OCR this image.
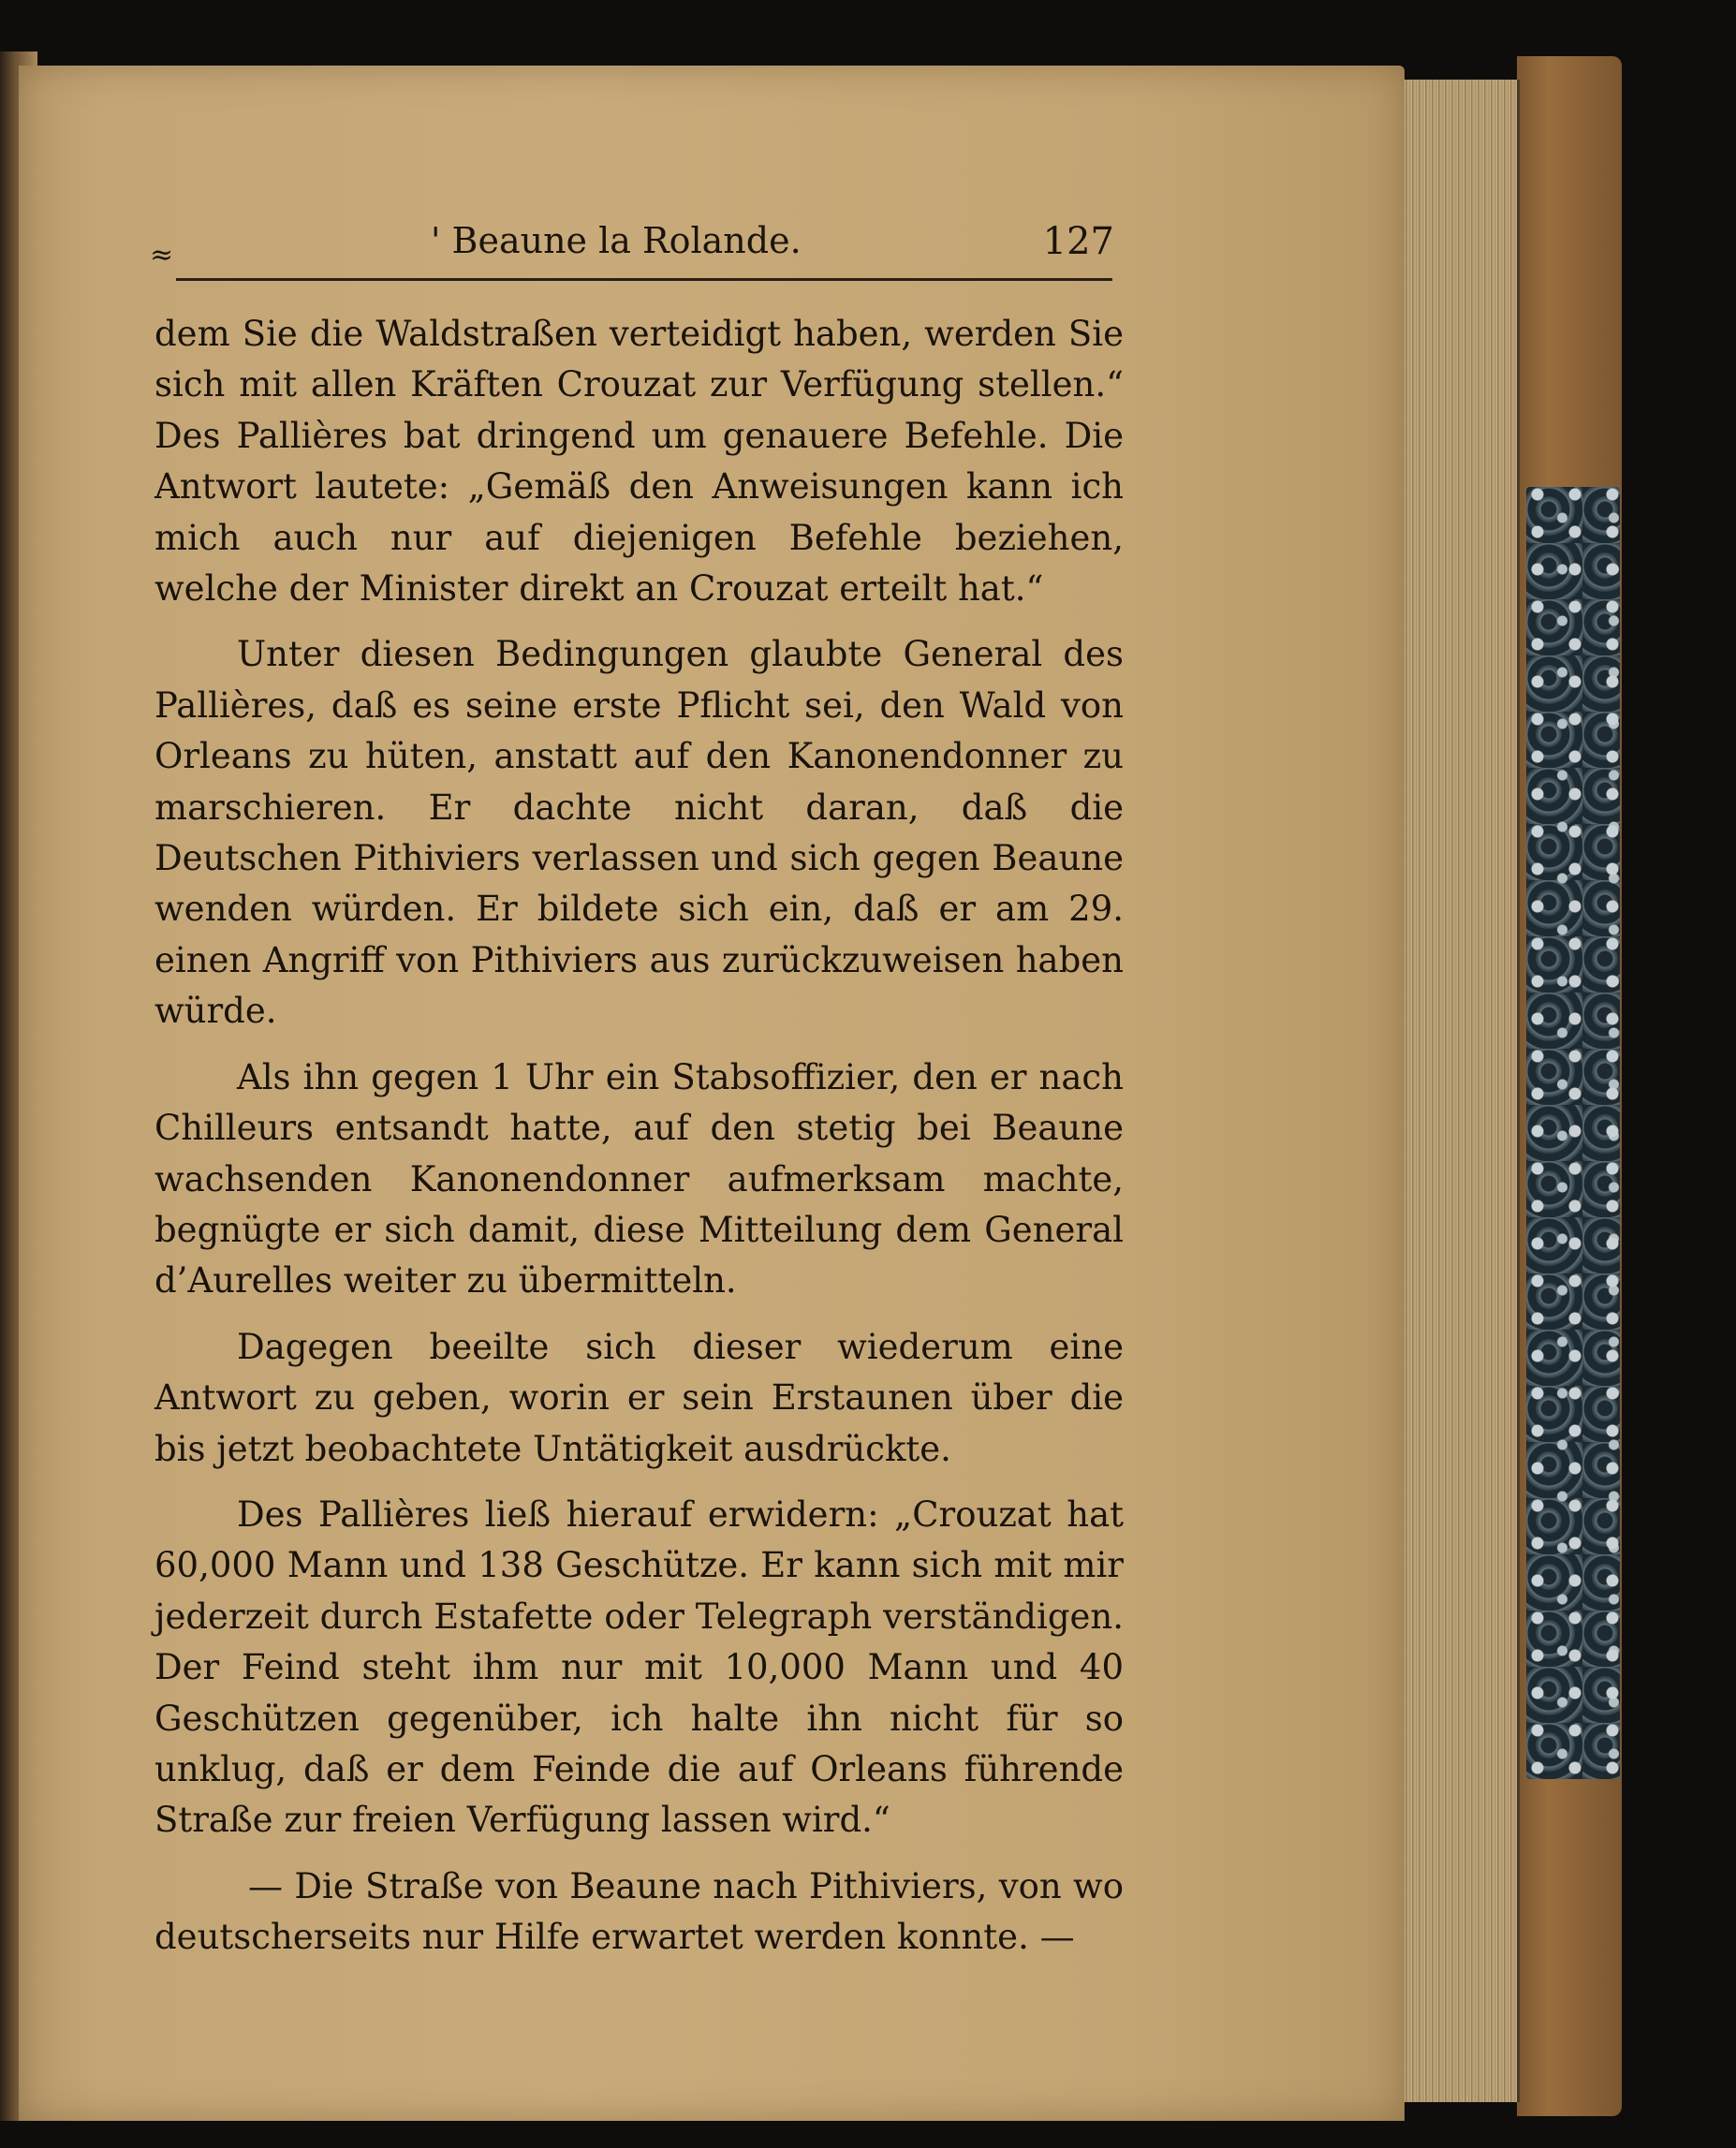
≈	' Beaune la Rolande.	127

dem Sie die Waldstraßen verteidigt haben, werden Sie sich mit allen Kräften Crouzat zur Verfügung stellen.“ Des Pallières bat dringend um genauere Befehle. Die Antwort lautete: „Gemäß den Anweisungen kann ich mich auch nur auf diejenigen Befehle beziehen, welche der Minister direkt an Crouzat erteilt hat.“

Unter diesen Bedingungen glaubte General des Pallières, daß es seine erste Pflicht sei, den Wald von Orleans zu hüten, anstatt auf den Kanonendonner zu marschieren. Er dachte nicht daran, daß die Deutschen Pithiviers verlassen und sich gegen Beaune wenden würden. Er bildete sich ein, daß er am 29. einen Angriff von Pithiviers aus zurückzuweisen haben würde.

Als ihn gegen 1 Uhr ein Stabsoffizier, den er nach Chilleurs entsandt hatte, auf den stetig bei Beaune wachsenden Kanonendonner aufmerksam machte, begnügte er sich damit, diese Mitteilung dem General d’Aurelles weiter zu übermitteln.

Dagegen beeilte sich dieser wiederum eine Antwort zu geben, worin er sein Erstaunen über die bis jetzt beobachtete Untätigkeit ausdrückte.

Des Pallières ließ hierauf erwidern: „Crouzat hat 60,000 Mann und 138 Geschütze. Er kann sich mit mir jederzeit durch Estafette oder Telegraph verständigen. Der Feind steht ihm nur mit 10,000 Mann und 40 Geschützen gegenüber, ich halte ihn nicht für so unklug, daß er dem Feinde die auf Orleans führende Straße zur freien Verfügung lassen wird.“

— Die Straße von Beaune nach Pithiviers, von wo deutscherseits nur Hilfe erwartet werden konnte. —
